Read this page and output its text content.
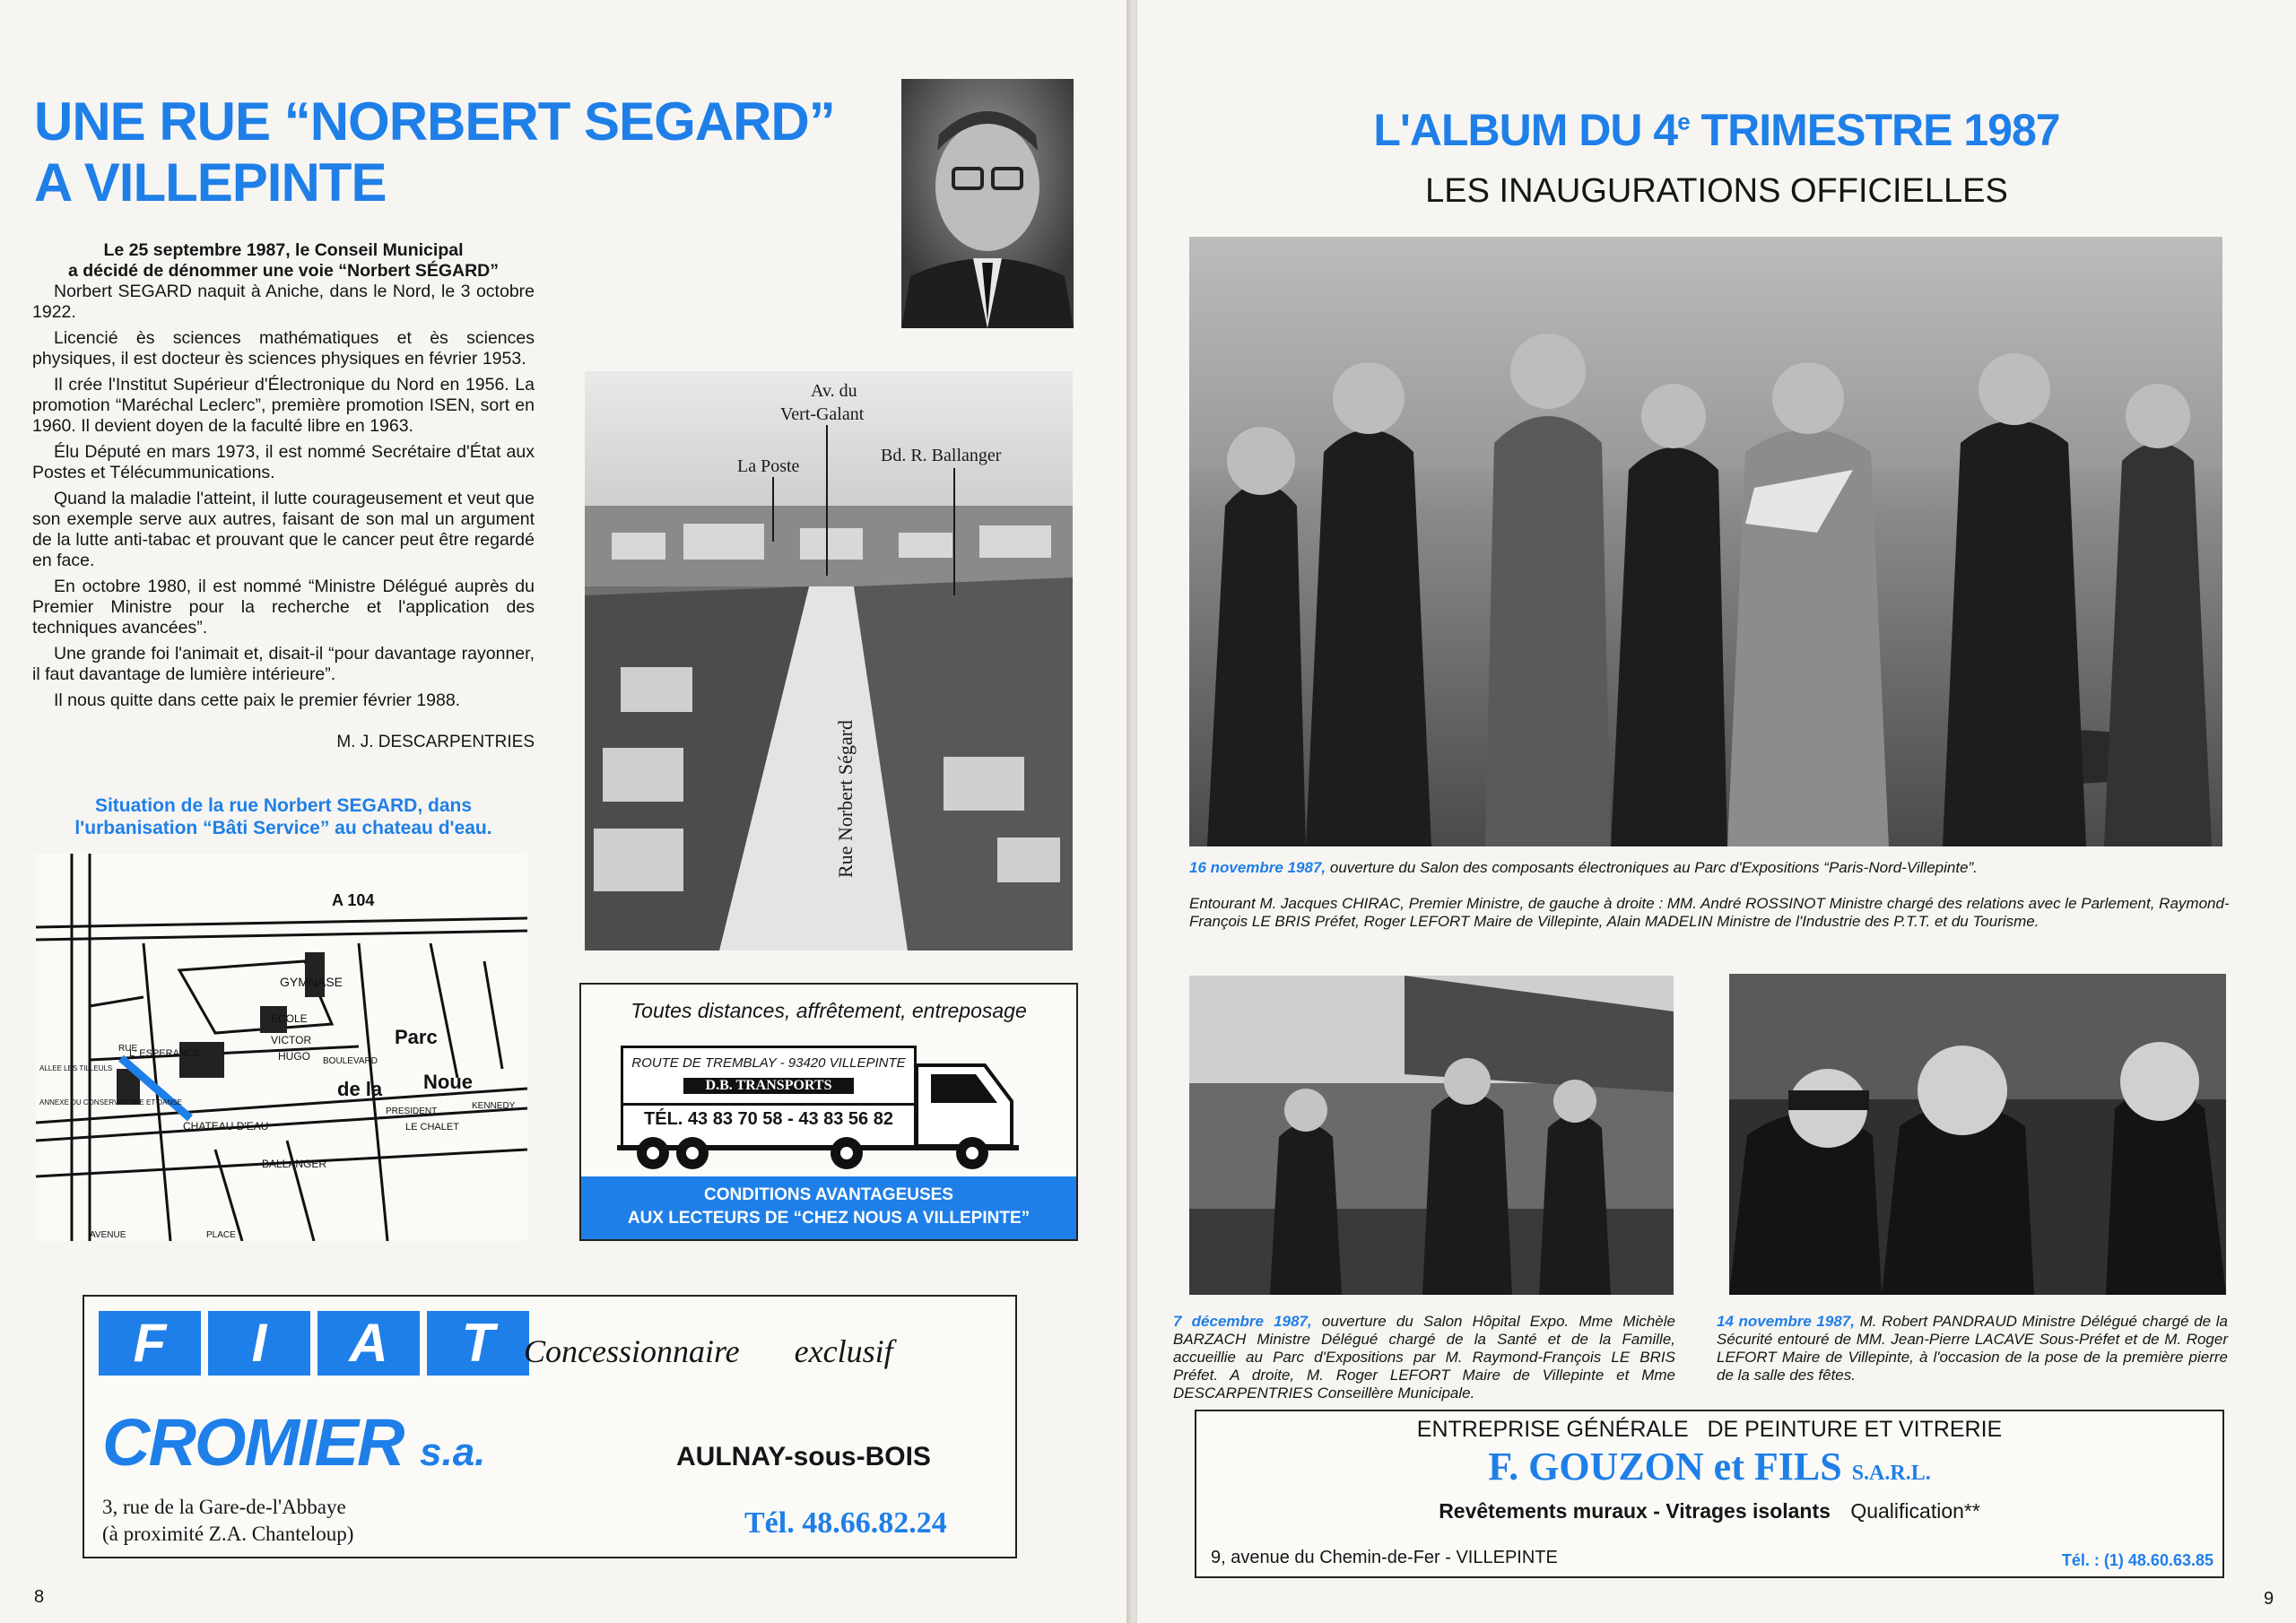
UNE RUE “NORBERT SEGARD”
A VILLEPINTE

Le 25 septembre 1987, le Conseil Municipal

a décidé de dénommer une voie “Norbert SÉGARD”

Norbert SEGARD naquit à Aniche, dans le Nord, le 3 octobre 1922.

Licencié ès sciences mathématiques et ès sciences physiques, il est docteur ès sciences physiques en février 1953.

Il crée l'Institut Supérieur d'Électronique du Nord en 1956. La promotion “Maréchal Leclerc”, première promotion ISEN, sort en 1960. Il devient doyen de la faculté libre en 1963.

Élu Député en mars 1973, il est nommé Secrétaire d'État aux Postes et Télécummunications.

Quand la maladie l'atteint, il lutte courageusement et veut que son exemple serve aux autres, faisant de son mal un argument de la lutte anti-tabac et prouvant que le cancer peut être regardé en face.

En octobre 1980, il est nommé “Ministre Délégué auprès du Premier Ministre pour la recherche et l'application des techniques avancées”.

Une grande foi l'animait et, disait-il “pour davantage rayonner, il faut davantage de lumière intérieure”.

Il nous quitte dans cette paix le premier février 1988.

M. J. DESCARPENTRIES
Situation de la rue Norbert SEGARD, dans
l'urbanisation “Bâti Service” au chateau d'eau.
A 104
GYMNASE
ECOLE
VICTOR
HUGO
Parc
de la Noue
L' ESPERANCE
CHATEAU D'EAU
BALLANGER
LE CHALET
BOULEVARD
PRESIDENT
KENNEDY
ALLEE LES TILLEULS
ANNEXE DU CONSERVATOIRE ET DANSE
AVENUE	PLACE
RUE
Av. du
Vert-Galant
La Poste
Bd. R. Ballanger
Rue Norbert Ségard
Toutes distances, affrêtement, entreposage
ROUTE DE TREMBLAY - 93420 VILLEPINTE
D.B. TRANSPORTS
TÉL. 43 83 70 58 - 43 83 56 82
CONDITIONS AVANTAGEUSES
AUX LECTEURS DE “CHEZ NOUS A VILLEPINTE”
F	I	A	T Concessionnaire exclusif
CROMIER s.a.	AULNAY-sous-BOIS
3, rue de la Gare-de-l'Abbaye
(à proximité Z.A. Chanteloup)	Tél. 48.66.82.24
8
L'ALBUM DU 4e TRIMESTRE 1987
LES INAUGURATIONS OFFICIELLES
16 novembre 1987, ouverture du Salon des composants électroniques au Parc d'Expositions “Paris-Nord-Villepinte”.
Entourant M. Jacques CHIRAC, Premier Ministre, de gauche à droite : MM. André ROSSINOT Ministre chargé des relations avec le Parlement, Raymond-François LE BRIS Préfet, Roger LEFORT Maire de Villepinte, Alain MADELIN Ministre de l'Industrie des P.T.T. et du Tourisme.
7 décembre 1987, ouverture du Salon Hôpital Expo. Mme Michèle BARZACH Ministre Délégué chargé de la Santé et de la Famille, accueillie au Parc d'Expositions par M. Raymond-François LE BRIS Préfet. A droite, M. Roger LEFORT Maire de Villepinte et Mme DESCARPENTRIES Conseillère Municipale.
14 novembre 1987, M. Robert PANDRAUD Ministre Délégué chargé de la Sécurité entouré de MM. Jean-Pierre LACAVE Sous-Préfet et de M. Roger LEFORT Maire de Villepinte, à l'occasion de la pose de la première pierre de la salle des fêtes.
ENTREPRISE GÉNÉRALE   DE PEINTURE ET VITRERIE
F. GOUZON et FILS S.A.R.L.
Revêtements muraux - Vitrages isolants Qualification**
9, avenue du Chemin-de-Fer - VILLEPINTE	Tél. : (1) 48.60.63.85
9
